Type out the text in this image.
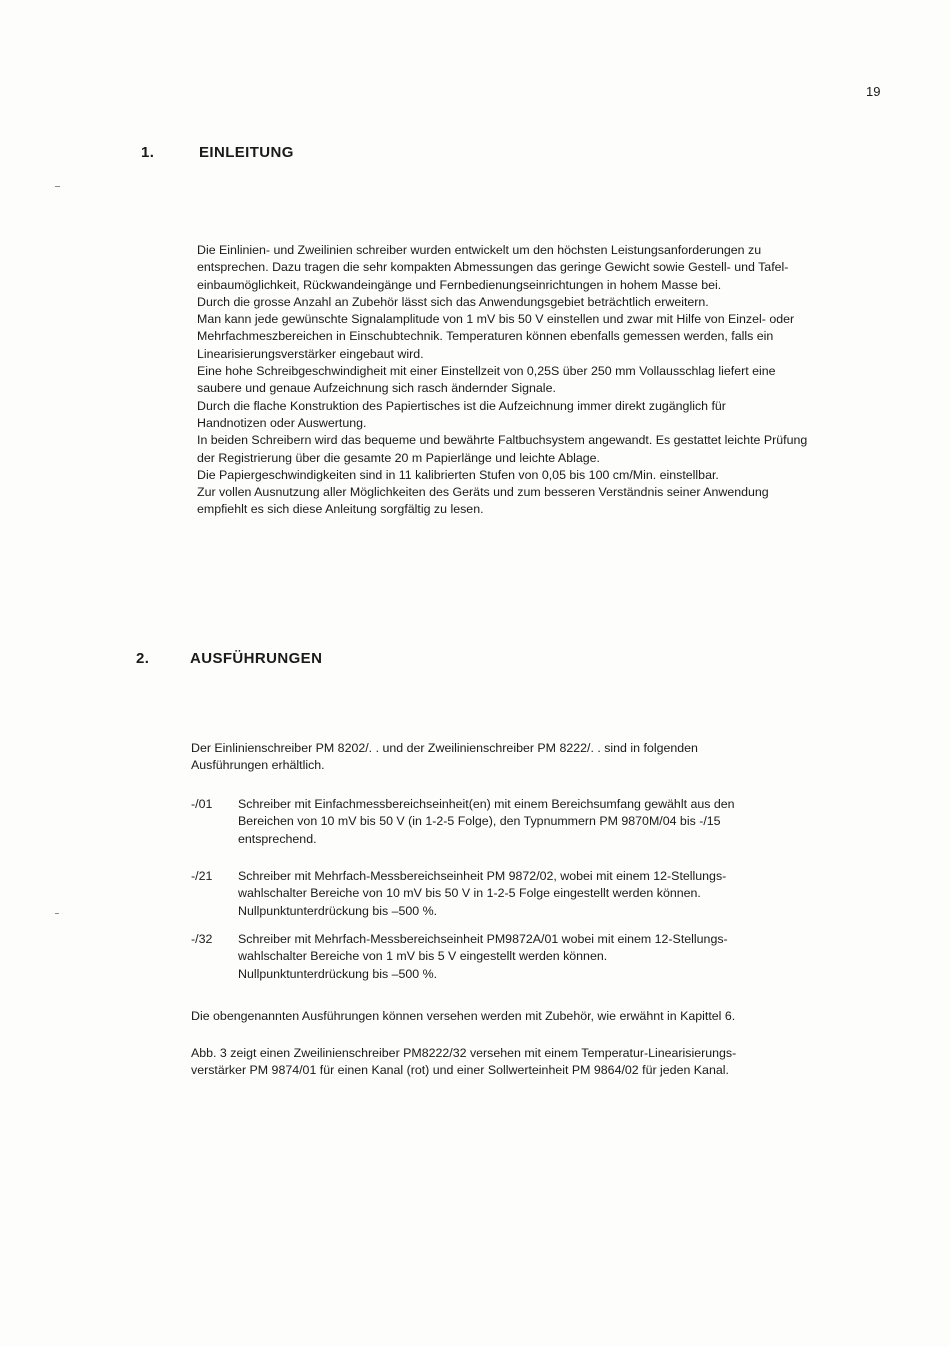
19
1.	EINLEITUNG
Die Einlinien- und Zweilinien schreiber wurden entwickelt um den höchsten Leistungsanforderungen zu
entsprechen. Dazu tragen die sehr kompakten Abmessungen das geringe Gewicht sowie Gestell- und Tafel-
einbaumöglichkeit, Rückwandeingänge und Fernbedienungseinrichtungen in hohem Masse bei.
Durch die grosse Anzahl an Zubehör lässt sich das Anwendungsgebiet beträchtlich erweitern.
Man kann jede gewünschte Signalamplitude von 1 mV bis 50 V einstellen und zwar mit Hilfe von Einzel- oder
Mehrfachmeszbereichen in Einschubtechnik. Temperaturen können ebenfalls gemessen werden, falls ein
Linearisierungsverstärker eingebaut wird.
Eine hohe Schreibgeschwindigheit mit einer Einstellzeit von 0,25S über 250 mm Vollausschlag liefert eine
saubere und genaue Aufzeichnung sich rasch ändernder Signale.
Durch die flache Konstruktion des Papiertisches ist die Aufzeichnung immer direkt zugänglich für
Handnotizen oder Auswertung.
In beiden Schreibern wird das bequeme und bewährte Faltbuchsystem angewandt. Es gestattet leichte Prüfung
der Registrierung über die gesamte 20 m Papierlänge und leichte Ablage.
Die Papiergeschwindigkeiten sind in 11 kalibrierten Stufen von 0,05 bis 100 cm/Min. einstellbar.
Zur vollen Ausnutzung aller Möglichkeiten des Geräts und zum besseren Verständnis seiner Anwendung
empfiehlt es sich diese Anleitung sorgfältig zu lesen.
2.	AUSFÜHRUNGEN
Der Einlinienschreiber PM 8202/. . und der Zweilinienschreiber PM 8222/. . sind in folgenden
Ausführungen erhältlich.
-/01 Schreiber mit Einfachmessbereichseinheit(en) mit einem Bereichsumfang gewählt aus den
Bereichen von 10 mV bis 50 V (in 1-2-5 Folge), den Typnummern PM 9870M/04 bis -/15
entsprechend.
-/21 Schreiber mit Mehrfach-Messbereichseinheit PM 9872/02, wobei mit einem 12-Stellungs-
wahlschalter Bereiche von 10 mV bis 50 V in 1-2-5 Folge eingestellt werden können.
Nullpunktunterdrückung bis –500 %.
-/32 Schreiber mit Mehrfach-Messbereichseinheit PM9872A/01 wobei mit einem 12-Stellungs-
wahlschalter Bereiche von 1 mV bis 5 V eingestellt werden können.
Nullpunktunterdrückung bis –500 %.
Die obengenannten Ausführungen können versehen werden mit Zubehör, wie erwähnt in Kapittel 6.
Abb. 3 zeigt einen Zweilinienschreiber PM8222/32 versehen mit einem Temperatur-Linearisierungs-
verstärker PM 9874/01 für einen Kanal (rot) und einer Sollwerteinheit PM 9864/02 für jeden Kanal.
